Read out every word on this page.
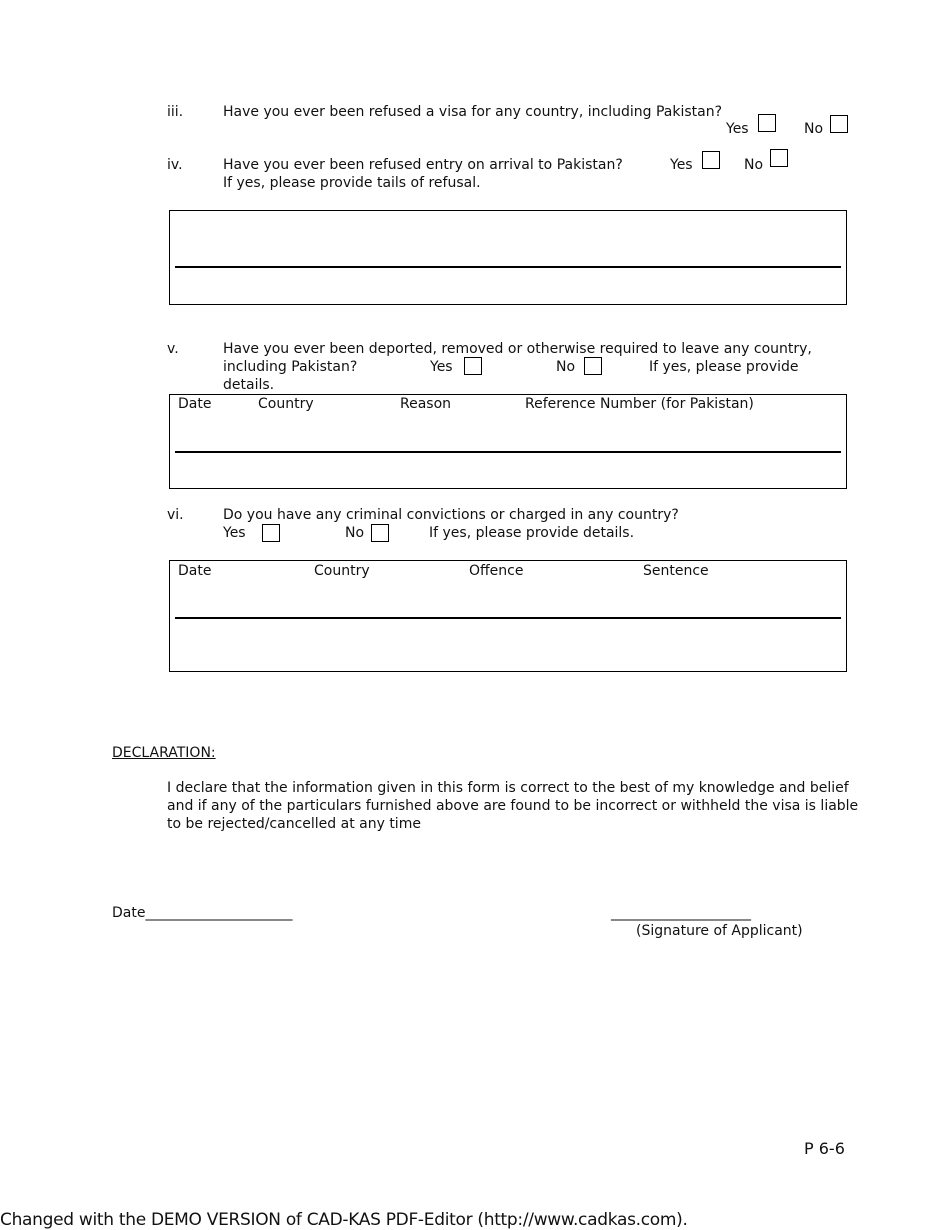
iii.	Have you ever been refused a visa for any country, including Pakistan?
Yes	No
iv.	Have you ever been refused entry on arrival to Pakistan?	Yes	No
If yes, please provide tails of refusal.
v.	Have you ever been deported, removed or otherwise required to leave any country,
including Pakistan?	Yes	No	If yes, please provide
details.
Date	Country	Reason	Reference Number (for Pakistan)
vi.	Do you have any criminal convictions or charged in any country?
Yes	No	If yes, please provide details.
Date	Country	Offence	Sentence
DECLARATION:
I declare that the information given in this form is correct to the best of my knowledge and belief
and if any of the particulars furnished above are found to be incorrect or withheld the visa is liable
to be rejected/cancelled at any time
Date_____________________	____________________
(Signature of Applicant)
P 6-6
Changed with the DEMO VERSION of CAD-KAS PDF-Editor (http://www.cadkas.com).
